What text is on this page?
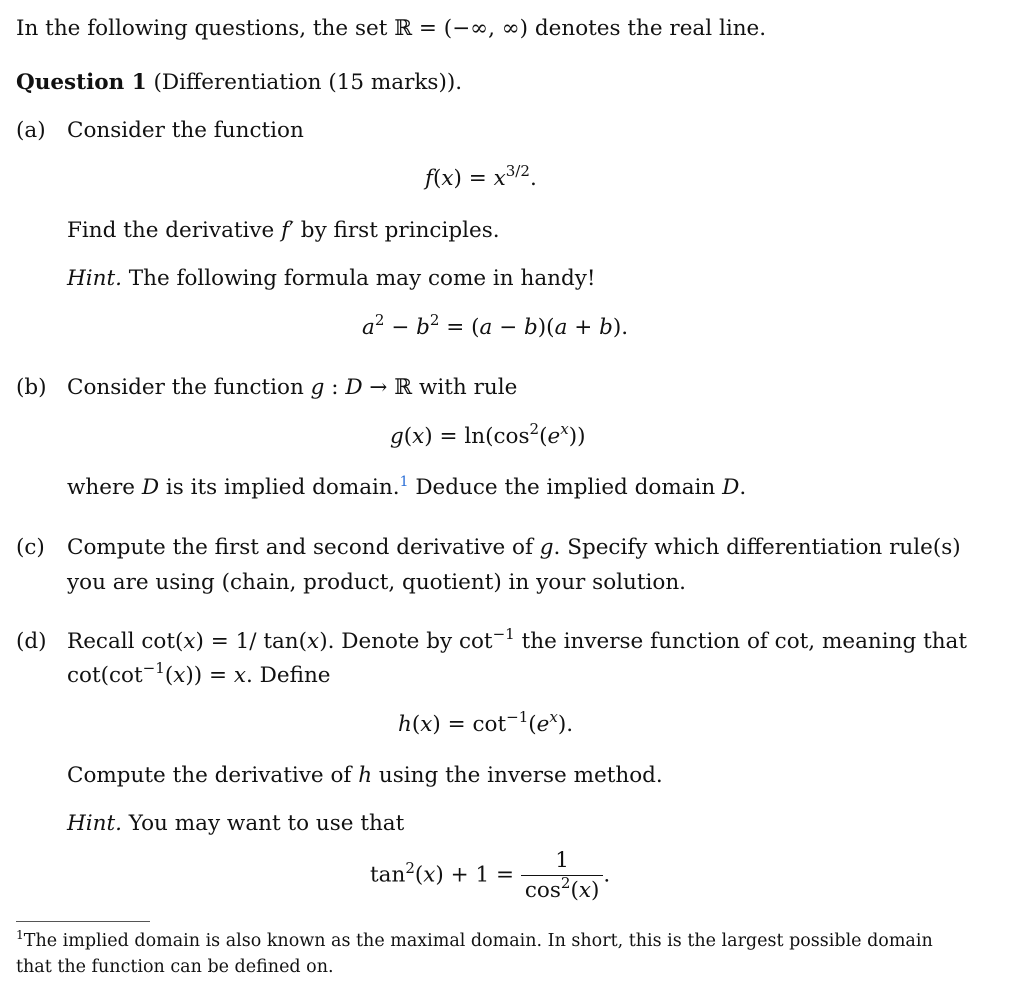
In the following questions, the set ℝ = (−∞, ∞) denotes the real line.
Question 1 (Differentiation (15 marks)).
(a) Consider the function
$f(x) = x^{3/2}$.
Find the derivative f′ by first principles.
Hint. The following formula may come in handy!
$a^2 - b^2 = (a - b)(a + b)$.
(b) Consider the function g : D → ℝ with rule
$g(x) = \ln(\cos^2(e^x))$
where D is its implied domain.$^1$ Deduce the implied domain D.
(c) Compute the first and second derivative of g. Specify which differentiation rule(s)
you are using (chain, product, quotient) in your solution.
(d) Recall cot(x) = 1/ tan(x). Denote by $\cot^{-1}$ the inverse function of cot, meaning that
$\cot(\cot^{-1}(x)) = x$. Define
$h(x) = \cot^{-1}(e^x)$.
Compute the derivative of h using the inverse method.
Hint. You may want to use that
$\tan^2(x) + 1 = \frac{1}{\cos^2(x)}$ .
$^1$The implied domain is also known as the maximal domain. In short, this is the largest possible domain
that the function can be defined on.
